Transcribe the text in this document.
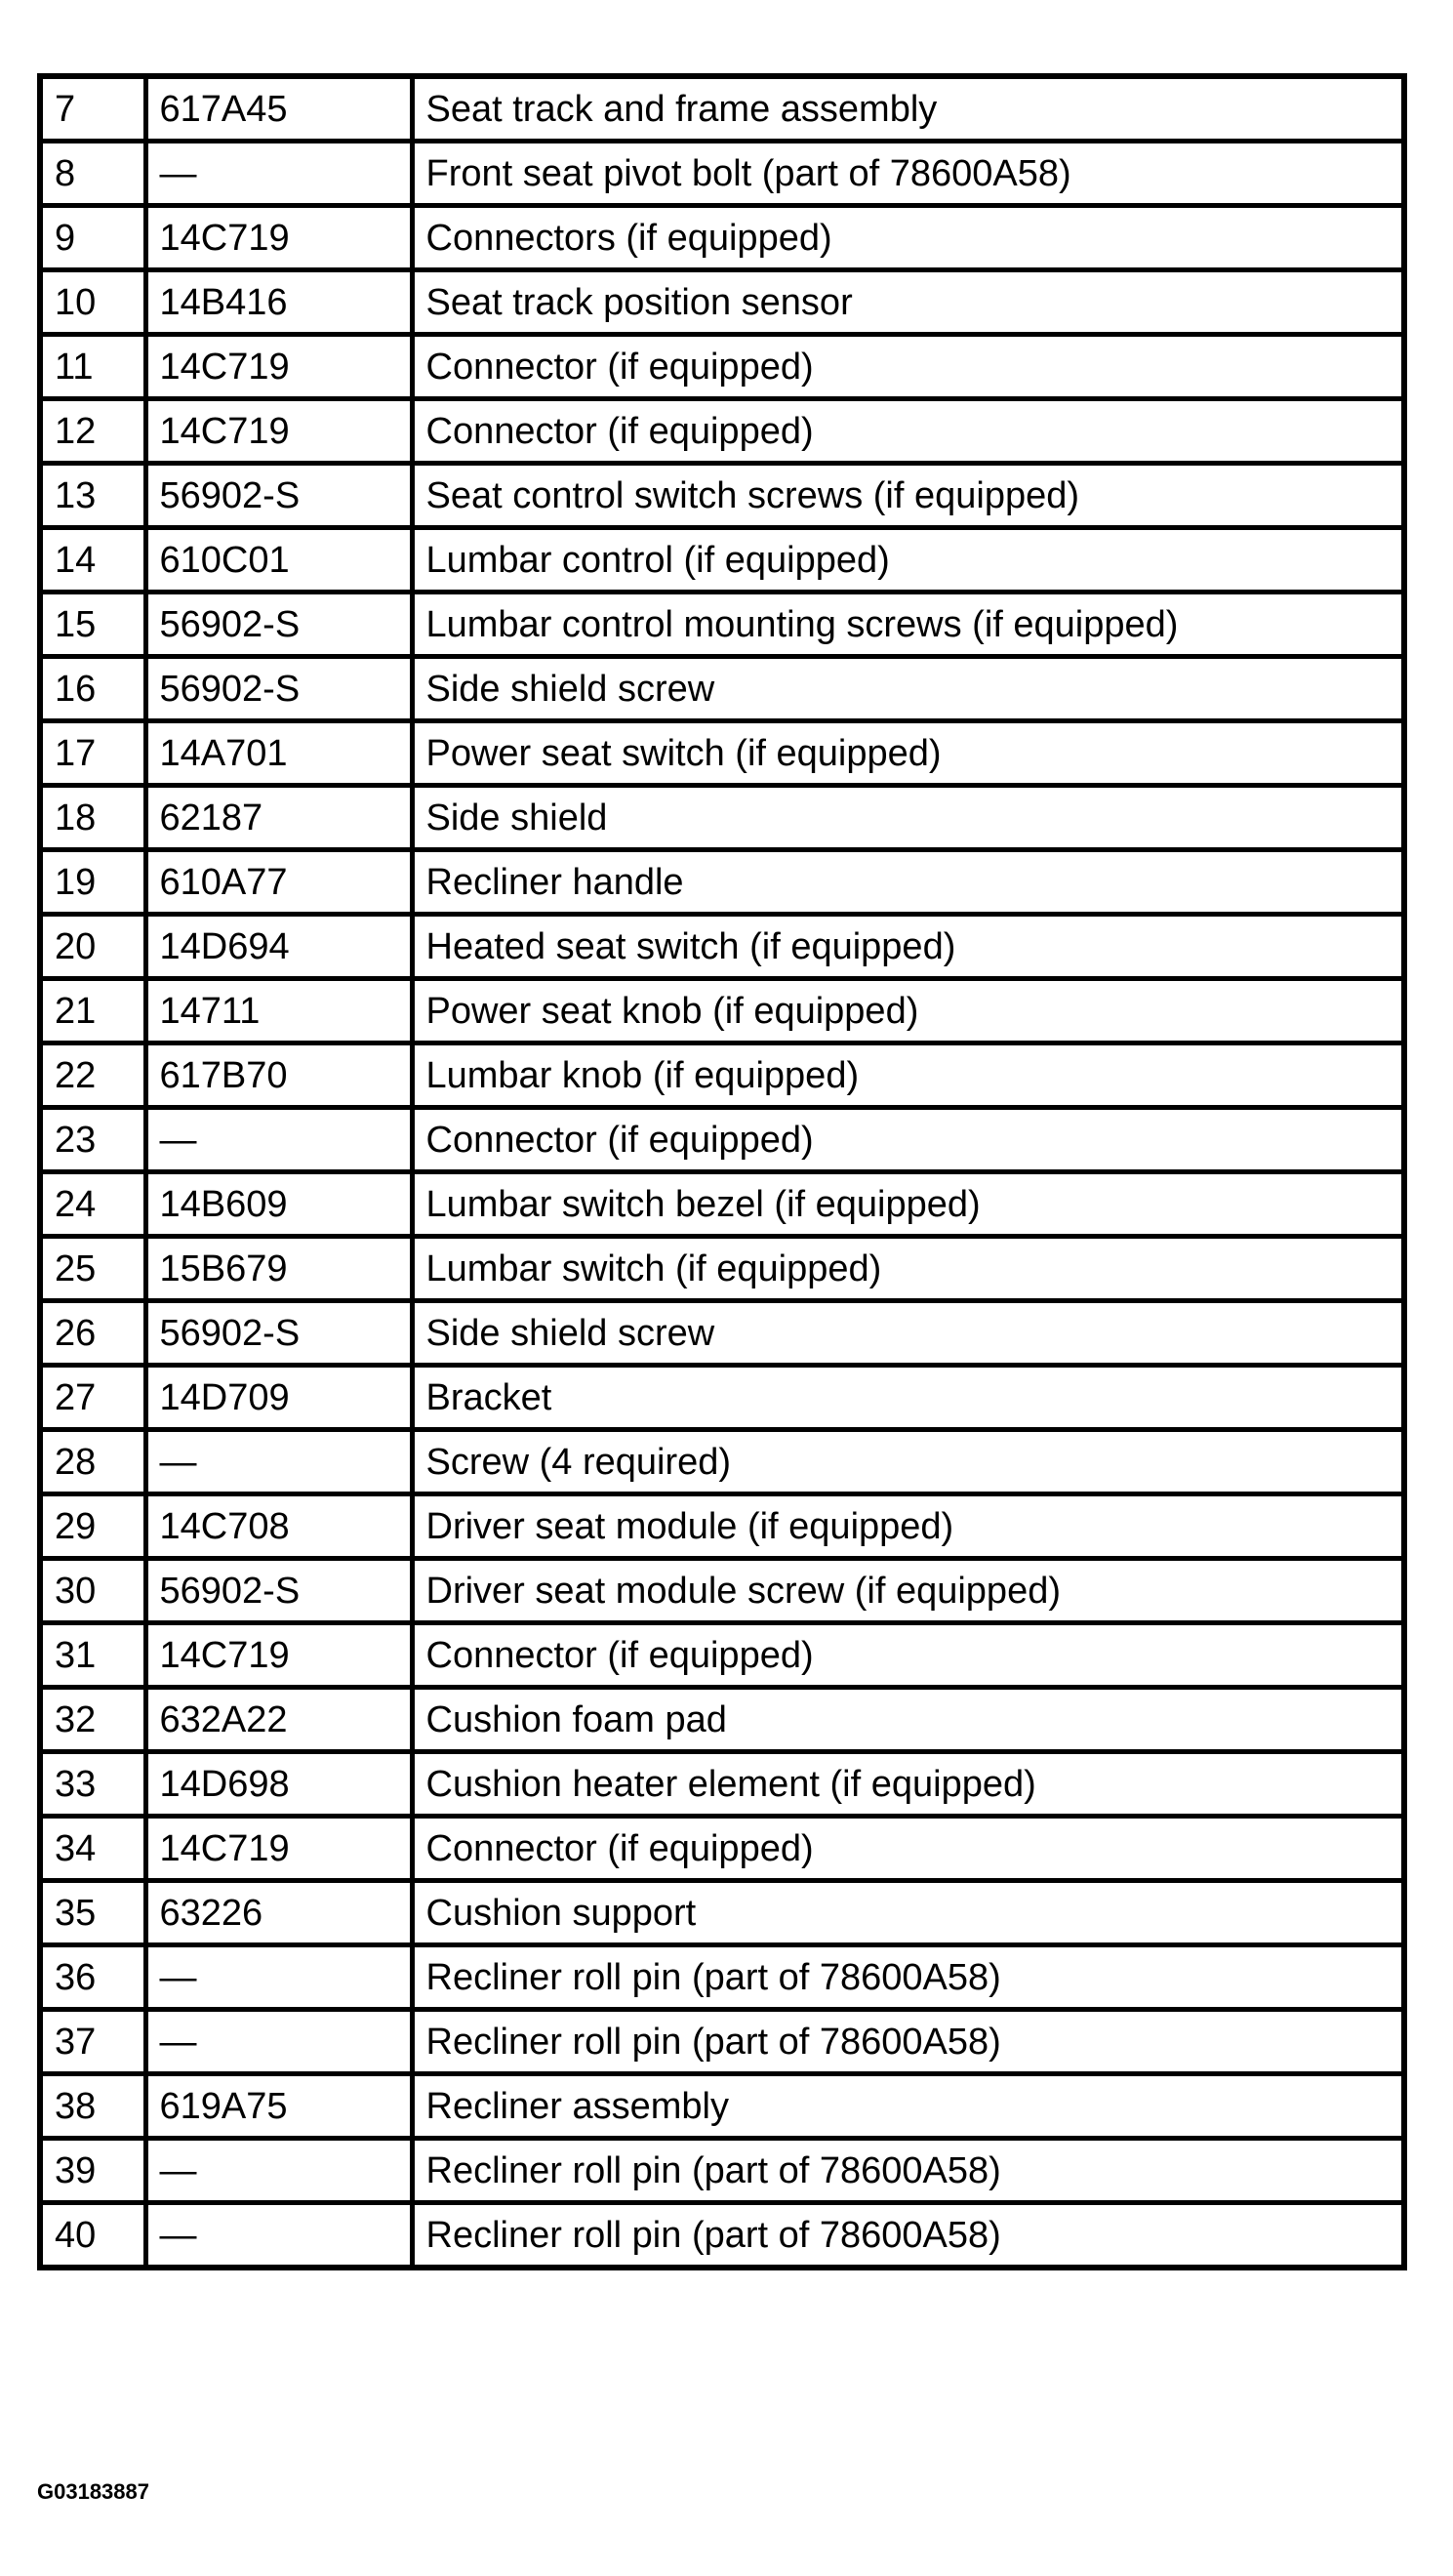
7	617A45	Seat track and frame assembly
8	—	Front seat pivot bolt (part of 78600A58)
9	14C719	Connectors (if equipped)
10	14B416	Seat track position sensor
11	14C719	Connector (if equipped)
12	14C719	Connector (if equipped)
13	56902-S	Seat control switch screws (if equipped)
14	610C01	Lumbar control (if equipped)
15	56902-S	Lumbar control mounting screws (if equipped)
16	56902-S	Side shield screw
17	14A701	Power seat switch (if equipped)
18	62187	Side shield
19	610A77	Recliner handle
20	14D694	Heated seat switch (if equipped)
21	14711	Power seat knob (if equipped)
22	617B70	Lumbar knob (if equipped)
23	—	Connector (if equipped)
24	14B609	Lumbar switch bezel (if equipped)
25	15B679	Lumbar switch (if equipped)
26	56902-S	Side shield screw
27	14D709	Bracket
28	—	Screw (4 required)
29	14C708	Driver seat module (if equipped)
30	56902-S	Driver seat module screw (if equipped)
31	14C719	Connector (if equipped)
32	632A22	Cushion foam pad
33	14D698	Cushion heater element (if equipped)
34	14C719	Connector (if equipped)
35	63226	Cushion support
36	—	Recliner roll pin (part of 78600A58)
37	—	Recliner roll pin (part of 78600A58)
38	619A75	Recliner assembly
39	—	Recliner roll pin (part of 78600A58)
40	—	Recliner roll pin (part of 78600A58)
G03183887
